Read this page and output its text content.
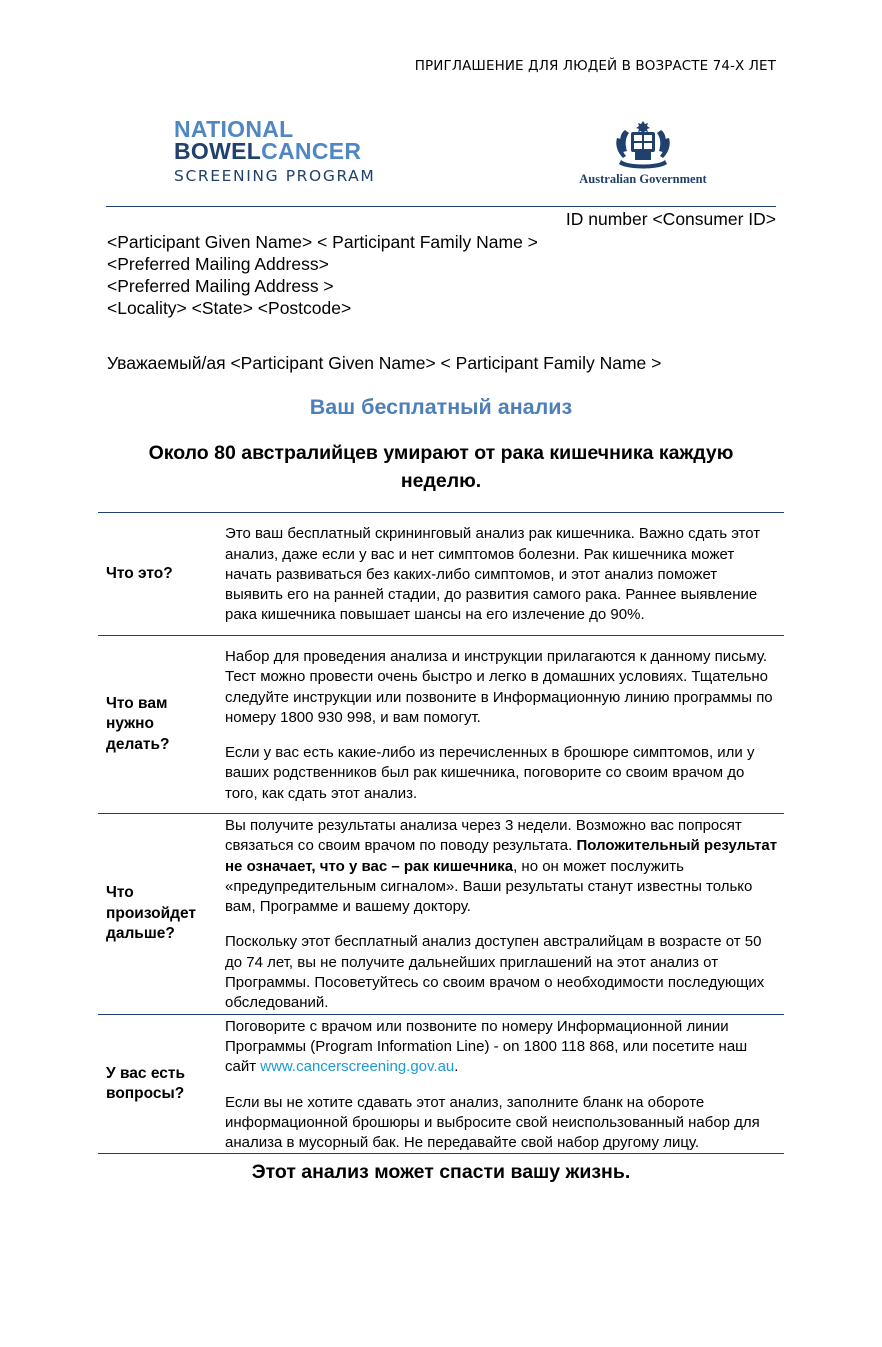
ПРИГЛАШЕНИЕ ДЛЯ ЛЮДЕЙ В ВОЗРАСТЕ 74-Х ЛЕТ
NATIONAL
BOWELCANCER
SCREENING PROGRAM	Australian Government
ID number <Consumer ID>
<Participant Given Name> < Participant Family Name >
<Preferred Mailing Address>
<Preferred Mailing Address >
<Locality> <State> <Postcode>
Уважаемый/ая <Participant Given Name> < Participant Family Name >
Ваш бесплатный анализ
Около 80 австралийцев умирают от рака кишечника каждую неделю.
Что это?	Это ваш бесплатный скрининговый анализ рак кишечника. Важно сдать этот анализ, даже если у вас и нет симптомов болезни. Рак кишечника может начать развиваться без каких-либо симптомов, и этот анализ поможет выявить его на ранней стадии, до развития самого рака. Раннее выявление рака кишечника повышает шансы на его излечение до 90%.

Что вам нужно делать?	Набор для проведения анализа и инструкции прилагаются к данному письму. Тест можно провести очень быстро и легко в домашних условиях. Тщательно следуйте инструкции или позвоните в Информационную линию программы по номеру 1800 930 998, и вам помогут.

Если у вас есть какие-либо из перечисленных в брошюре симптомов, или у ваших родственников был рак кишечника, поговорите со своим врачом до того, как сдать этот анализ.

Что произойдет дальше?	Вы получите результаты анализа через 3 недели. Возможно вас попросят связаться со своим врачом по поводу результата. Положительный результат не означает, что у вас – рак кишечника, но он может послужить «предупредительным сигналом». Ваши результаты станут известны только вам, Программе и вашему доктору.

Поскольку этот бесплатный анализ доступен австралийцам в возрасте от 50 до 74 лет, вы не получите дальнейших приглашений на этот анализ от Программы. Посоветуйтесь со своим врачом о необходимости последующих обследований.

У вас есть вопросы?	Поговорите с врачом или позвоните по номеру Информационной линии Программы (Program Information Line) - on 1800 118 868, или посетите наш сайт www.cancerscreening.gov.au.

Если вы не хотите сдавать этот анализ, заполните бланк на обороте информационной брошюры и выбросите свой неиспользованный набор для анализа в мусорный бак. Не передавайте свой набор другому лицу.

Этот анализ может спасти вашу жизнь.
